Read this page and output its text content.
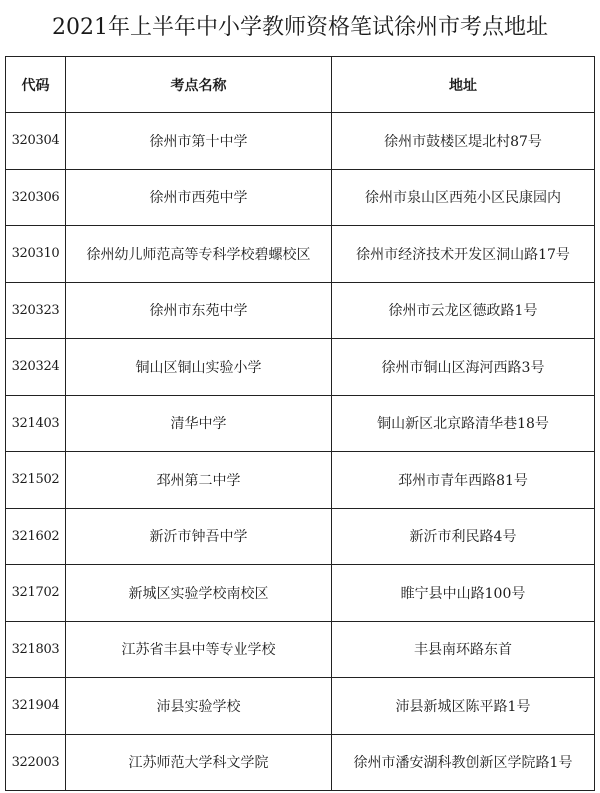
2021年上半年中小学教师资格笔试徐州市考点地址
代码	考点名称	地址
320304	徐州市第十中学	徐州市鼓楼区堤北村87号
320306	徐州市西苑中学	徐州市泉山区西苑小区民康园内
320310	徐州幼儿师范高等专科学校碧螺校区	徐州市经济技术开发区洞山路17号
320323	徐州市东苑中学	徐州市云龙区德政路1号
320324	铜山区铜山实验小学	徐州市铜山区海河西路3号
321403	清华中学	铜山新区北京路清华巷18号
321502	邳州第二中学	邳州市青年西路81号
321602	新沂市钟吾中学	新沂市利民路4号
321702	新城区实验学校南校区	睢宁县中山路100号
321803	江苏省丰县中等专业学校	丰县南环路东首
321904	沛县实验学校	沛县新城区陈平路1号
322003	江苏师范大学科文学院	徐州市潘安湖科教创新区学院路1号
